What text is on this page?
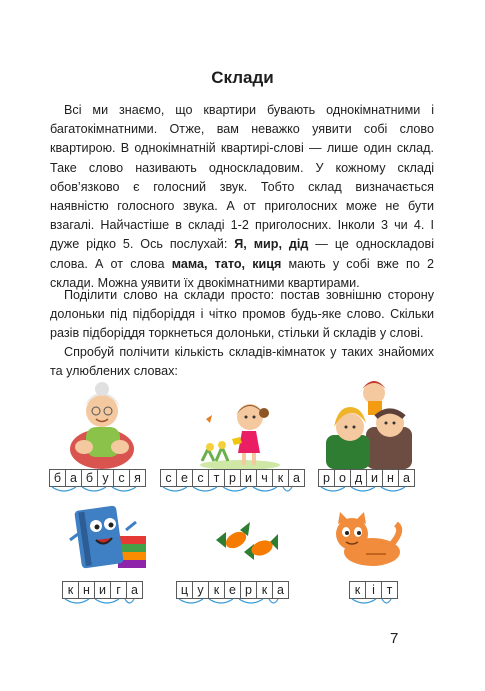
Склади

Всі ми знаємо, що квартири бувають однокімнатними і багатокімнатними. Отже, вам неважко уявити собі слово квартирою. В однокімнатній квартирі-слові — лише один склад. Таке слово називають односкладовим. У кожному складі обов’язково є голосний звук. Тобто склад визначається наявністю голосного звука. А от приголосних може не бути взагалі. Найчастіше в складі 1-2 приголосних. Інколи 3 чи 4. І дуже рідко 5. Ось послухай: Я, мир, дід — це односкладові слова. А от слова мама, тато, киця мають у собі вже по 2 склади. Можна уявити їх двокімнатними квартирами.

Поділити слово на склади просто: постав зовнішню сторону долоньки під підборіддя і чітко промов будь-яке слово. Скільки разів підборіддя торкнеться долоньки, стільки й складів у слові.

Спробуй полічити кількість складів-кімнаток у таких знайомих та улюблених словах:

б а б у с я	с е с т р и ч к а	р о д и н а
к н и г а	ц у к е р к а	к і т
7
